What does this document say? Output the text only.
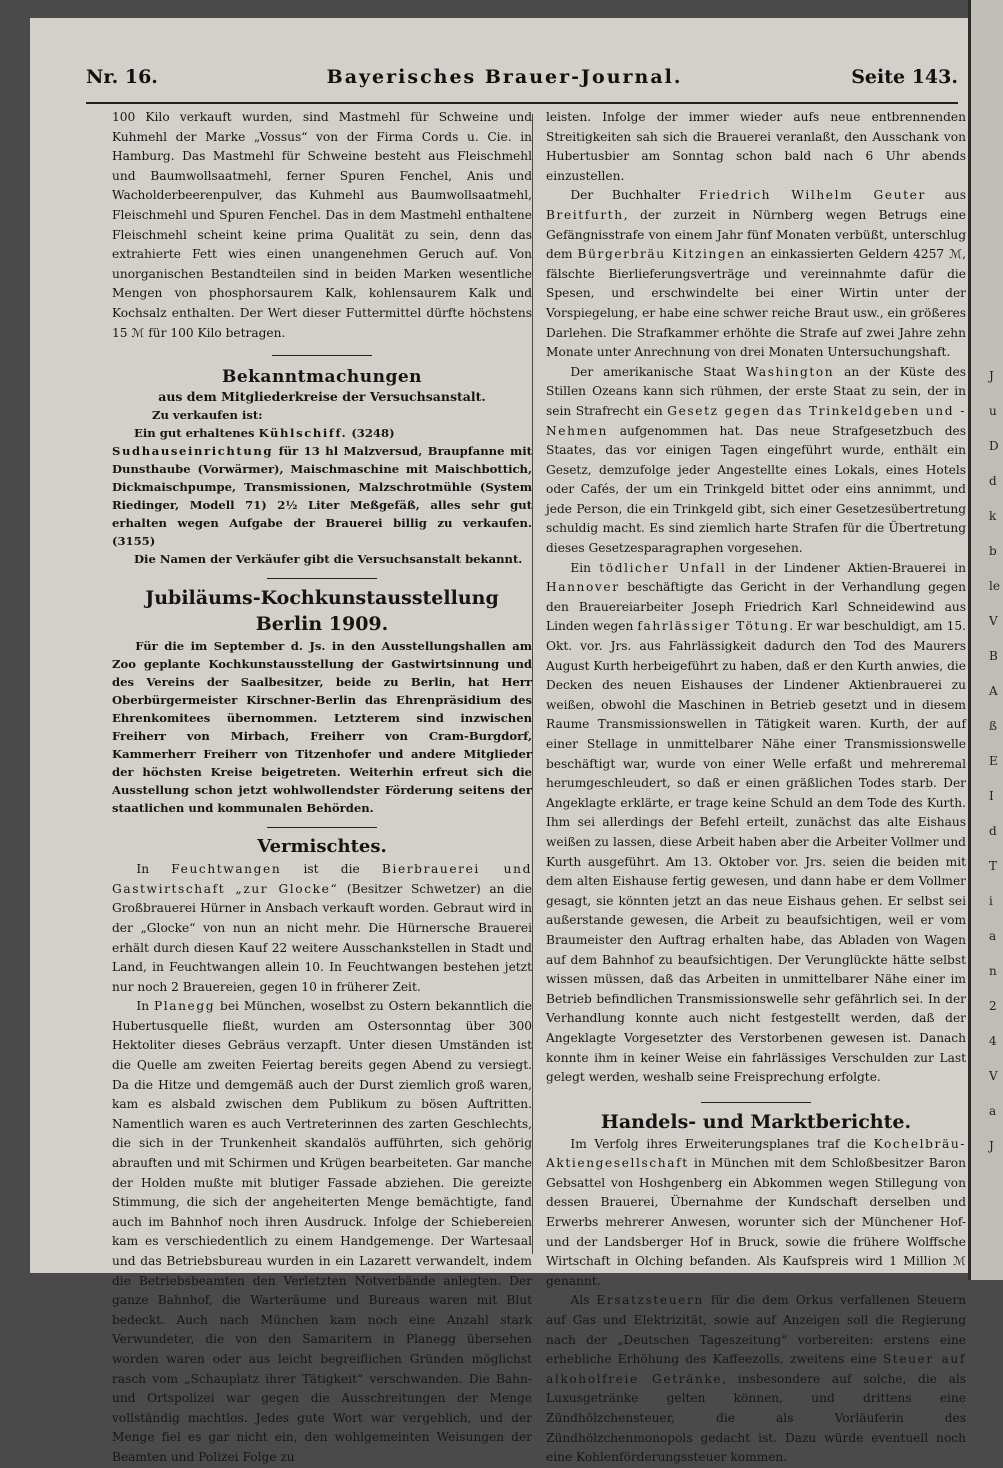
Nr. 16.	Bayerisches Brauer-Journal.	Seite 143.

100 Kilo verkauft wurden, sind Mastmehl für Schweine und Kuhmehl der Marke „Vossus“ von der Firma Cords u. Cie. in Hamburg. Das Mastmehl für Schweine besteht aus Fleischmehl und Baumwollsaatmehl, ferner Spuren Fenchel, Anis und Wacholderbeerenpulver, das Kuhmehl aus Baumwollsaatmehl, Fleischmehl und Spuren Fenchel. Das in dem Mastmehl enthaltene Fleischmehl scheint keine prima Qualität zu sein, denn das extrahierte Fett wies einen unangenehmen Geruch auf. Von unorganischen Bestandteilen sind in beiden Marken wesentliche Mengen von phosphorsaurem Kalk, kohlensaurem Kalk und Kochsalz enthalten. Der Wert dieser Futtermittel dürfte höchstens 15 ℳ für 100 Kilo betragen.

Bekanntmachungen
aus dem Mitgliederkreise der Versuchsanstalt.
Zu verkaufen ist:
Ein gut erhaltenes Kühlschiff. (3248)
Sudhauseinrichtung für 13 hl Malzversud, Braupfanne mit Dunsthaube (Vorwärmer), Maischmaschine mit Maischbottich, Dickmaischpumpe, Transmissionen, Malzschrotmühle (System Riedinger, Modell 71) 2½ Liter Meßgefäß, alles sehr gut erhalten wegen Aufgabe der Brauerei billig zu verkaufen. (3155)
Die Namen der Verkäufer gibt die Versuchsanstalt bekannt.
Jubiläums-Kochkunstausstellung Berlin 1909.

Für die im September d. Js. in den Ausstellungshallen am Zoo geplante Kochkunstausstellung der Gastwirtsinnung und des Vereins der Saalbesitzer, beide zu Berlin, hat Herr Oberbürgermeister Kirschner-Berlin das Ehrenpräsidium des Ehrenkomitees übernommen. Letzterem sind inzwischen Freiherr von Mirbach, Freiherr von Cram-Burgdorf, Kammerherr Freiherr von Titzenhofer und andere Mitglieder der höchsten Kreise beigetreten. Weiterhin erfreut sich die Ausstellung schon jetzt wohlwollendster Förderung seitens der staatlichen und kommunalen Behörden.

Vermischtes.

In Feuchtwangen ist die Bierbrauerei und Gastwirtschaft „zur Glocke“ (Besitzer Schwetzer) an die Großbrauerei Hürner in Ansbach verkauft worden. Gebraut wird in der „Glocke“ von nun an nicht mehr. Die Hürnersche Brauerei erhält durch diesen Kauf 22 weitere Ausschankstellen in Stadt und Land, in Feuchtwangen allein 10. In Feuchtwangen bestehen jetzt nur noch 2 Brauereien, gegen 10 in früherer Zeit.

In Planegg bei München, woselbst zu Ostern bekanntlich die Hubertusquelle fließt, wurden am Ostersonntag über 300 Hektoliter dieses Gebräus verzapft. Unter diesen Umständen ist die Quelle am zweiten Feiertag bereits gegen Abend zu versiegt. Da die Hitze und demgemäß auch der Durst ziemlich groß waren, kam es alsbald zwischen dem Publikum zu bösen Auftritten. Namentlich waren es auch Vertreterinnen des zarten Geschlechts, die sich in der Trunkenheit skandalös aufführten, sich gehörig abrauften und mit Schirmen und Krügen bearbeiteten. Gar manche der Holden mußte mit blutiger Fassade abziehen. Die gereizte Stimmung, die sich der angeheiterten Menge bemächtigte, fand auch im Bahnhof noch ihren Ausdruck. Infolge der Schiebereien kam es verschiedentlich zu einem Handgemenge. Der Wartesaal und das Betriebsbureau wurden in ein Lazarett verwandelt, indem die Betriebsbeamten den Verletzten Notverbände anlegten. Der ganze Bahnhof, die Warteräume und Bureaus waren mit Blut bedeckt. Auch nach München kam noch eine Anzahl stark Verwundeter, die von den Samaritern in Planegg übersehen worden waren oder aus leicht begreiflichen Gründen möglichst rasch vom „Schauplatz ihrer Tätigkeit“ verschwanden. Die Bahn- und Ortspolizei war gegen die Ausschreitungen der Menge vollständig machtlos. Jedes gute Wort war vergeblich, und der Menge fiel es gar nicht ein, den wohlgemeinten Weisungen der Beamten und Polizei Folge zu

leisten. Infolge der immer wieder aufs neue entbrennenden Streitigkeiten sah sich die Brauerei veranlaßt, den Ausschank von Hubertusbier am Sonntag schon bald nach 6 Uhr abends einzustellen.

Der Buchhalter Friedrich Wilhelm Geuter aus Breitfurth, der zurzeit in Nürnberg wegen Betrugs eine Gefängnisstrafe von einem Jahr fünf Monaten verbüßt, unterschlug dem Bürgerbräu Kitzingen an einkassierten Geldern 4257 ℳ, fälschte Bierlieferungsverträge und vereinnahmte dafür die Spesen, und erschwindelte bei einer Wirtin unter der Vorspiegelung, er habe eine schwer reiche Braut usw., ein größeres Darlehen. Die Strafkammer erhöhte die Strafe auf zwei Jahre zehn Monate unter Anrechnung von drei Monaten Untersuchungshaft.

Der amerikanische Staat Washington an der Küste des Stillen Ozeans kann sich rühmen, der erste Staat zu sein, der in sein Strafrecht ein Gesetz gegen das Trinkeldgeben und -Nehmen aufgenommen hat. Das neue Strafgesetzbuch des Staates, das vor einigen Tagen eingeführt wurde, enthält ein Gesetz, demzufolge jeder Angestellte eines Lokals, eines Hotels oder Cafés, der um ein Trinkgeld bittet oder eins annimmt, und jede Person, die ein Trinkgeld gibt, sich einer Gesetzesübertretung schuldig macht. Es sind ziemlich harte Strafen für die Übertretung dieses Gesetzesparagraphen vorgesehen.

Ein tödlicher Unfall in der Lindener Aktien-Brauerei in Hannover beschäftigte das Gericht in der Verhandlung gegen den Brauereiarbeiter Joseph Friedrich Karl Schneidewind aus Linden wegen fahrlässiger Tötung. Er war beschuldigt, am 15. Okt. vor. Jrs. aus Fahrlässigkeit dadurch den Tod des Maurers August Kurth herbeigeführt zu haben, daß er den Kurth anwies, die Decken des neuen Eishauses der Lindener Aktienbrauerei zu weißen, obwohl die Maschinen in Betrieb gesetzt und in diesem Raume Transmissionswellen in Tätigkeit waren. Kurth, der auf einer Stellage in unmittelbarer Nähe einer Transmissionswelle beschäftigt war, wurde von einer Welle erfaßt und mehreremal herumgeschleudert, so daß er einen gräßlichen Todes starb. Der Angeklagte erklärte, er trage keine Schuld an dem Tode des Kurth. Ihm sei allerdings der Befehl erteilt, zunächst das alte Eishaus weißen zu lassen, diese Arbeit haben aber die Arbeiter Vollmer und Kurth ausgeführt. Am 13. Oktober vor. Jrs. seien die beiden mit dem alten Eishause fertig gewesen, und dann habe er dem Vollmer gesagt, sie könnten jetzt an das neue Eishaus gehen. Er selbst sei außerstande gewesen, die Arbeit zu beaufsichtigen, weil er vom Braumeister den Auftrag erhalten habe, das Abladen von Wagen auf dem Bahnhof zu beaufsichtigen. Der Verunglückte hätte selbst wissen müssen, daß das Arbeiten in unmittelbarer Nähe einer im Betrieb befindlichen Transmissionswelle sehr gefährlich sei. In der Verhandlung konnte auch nicht festgestellt werden, daß der Angeklagte Vorgesetzter des Verstorbenen gewesen ist. Danach konnte ihm in keiner Weise ein fahrlässiges Verschulden zur Last gelegt werden, weshalb seine Freisprechung erfolgte.

Handels- und Marktberichte.

Im Verfolg ihres Erweiterungsplanes traf die Kochelbräu-Aktiengesellschaft in München mit dem Schloßbesitzer Baron Gebsattel von Hoshgenberg ein Abkommen wegen Stillegung von dessen Brauerei, Übernahme der Kundschaft derselben und Erwerbs mehrerer Anwesen, worunter sich der Münchener Hof- und der Landsberger Hof in Bruck, sowie die frühere Wolffsche Wirtschaft in Olching befanden. Als Kaufspreis wird 1 Million ℳ genannt.

Als Ersatzsteuern für die dem Orkus verfallenen Steuern auf Gas und Elektrizität, sowie auf Anzeigen soll die Regierung nach der „Deutschen Tageszeitung“ vorbereiten: erstens eine erhebliche Erhöhung des Kaffeezolls, zweitens eine Steuer auf alkoholfreie Getränke, insbesondere auf solche, die als Luxusgetränke gelten können, und drittens eine Zündhölzchensteuer, die als Vorläuferin des Zündhölzchenmonopols gedacht ist. Dazu würde eventuell noch eine Kohlenförderungssteuer kommen.

J
u
D
d
k
b
le
V
B
A
ß
E
I
d
T
i
a
n
2
4
V
a
J
